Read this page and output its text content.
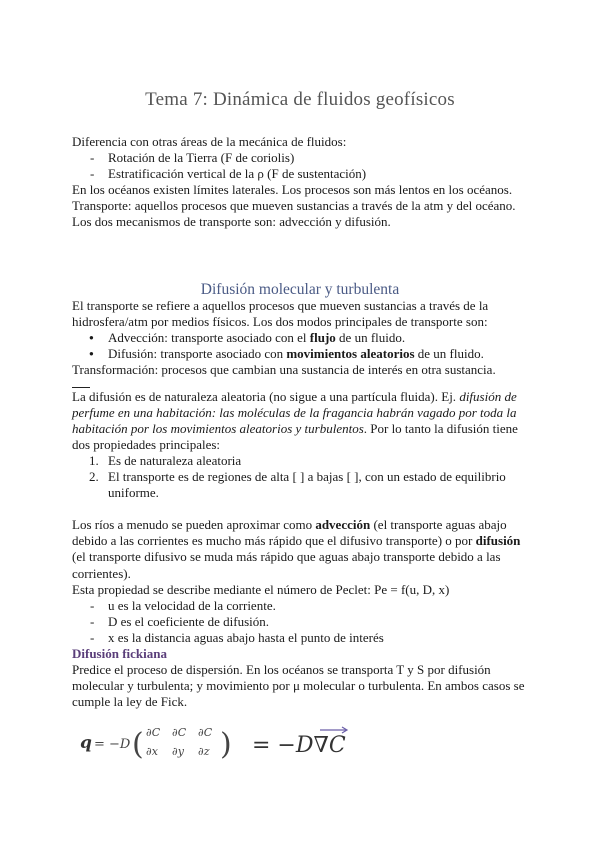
Tema 7: Dinámica de fluidos geofísicos

Diferencia con otras áreas de la mecánica de fluidos:

- Rotación de la Tierra (F de coriolis)

- Estratificación vertical de la ρ (F de sustentación)

En los océanos existen límites laterales. Los procesos son más lentos en los océanos.

Transporte: aquellos procesos que mueven sustancias a través de la atm y del océano. Los dos mecanismos de transporte son: advección y difusión.

Difusión molecular y turbulenta

El transporte se refiere a aquellos procesos que mueven sustancias a través de la hidrosfera/atm por medios físicos. Los dos modos principales de transporte son:

● Advección: transporte asociado con el flujo de un fluido.

● Difusión: transporte asociado con movimientos aleatorios de un fluido.

Transformación: procesos que cambian una sustancia de interés en otra sustancia.

La difusión es de naturaleza aleatoria (no sigue a una partícula fluida). Ej. difusión de perfume en una habitación: las moléculas de la fragancia habrán vagado por toda la habitación por los movimientos aleatorios y turbulentos. Por lo tanto la difusión tiene dos propiedades principales:

1. Es de naturaleza aleatoria

2. El transporte es de regiones de alta [ ] a bajas [ ], con un estado de equilibrio uniforme.

Los ríos a menudo se pueden aproximar como advección (el transporte aguas abajo debido a las corrientes es mucho más rápido que el difusivo transporte) o por difusión (el transporte difusivo se muda más rápido que aguas abajo transporte debido a las corrientes).

Esta propiedad se describe mediante el número de Peclet: Pe = f(u, D, x)

- u es la velocidad de la corriente.

- D es el coeficiente de difusión.

- x es la distancia aguas abajo hasta el punto de interés

Difusión fickiana

Predice el proceso de dispersión. En los océanos se transporta T y S por difusión molecular y turbulenta; y movimiento por μ molecular o turbulenta. En ambos casos se cumple la ley de Fick.

q = −D ( ∂C
∂x
∂C
∂y
∂C
∂z ) = −D∇C
